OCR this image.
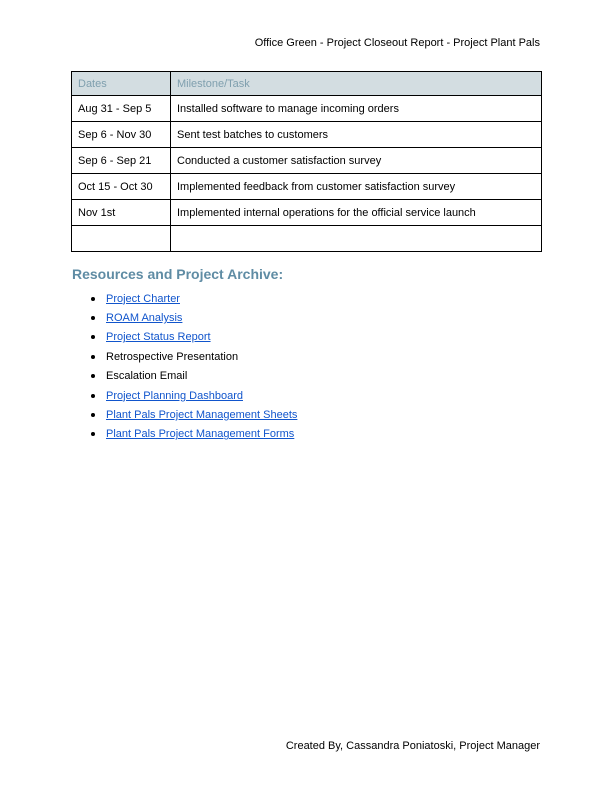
Office Green - Project Closeout Report - Project Plant Pals
Dates	Milestone/Task
Aug 31 - Sep 5	Installed software to manage incoming orders
Sep 6 - Nov 30	Sent test batches to customers
Sep 6 - Sep 21	Conducted a customer satisfaction survey
Oct 15 - Oct 30	Implemented feedback from customer satisfaction survey
Nov 1st	Implemented internal operations for the official service launch

Resources and Project Archive:
Project Charter
ROAM Analysis
Project Status Report
Retrospective Presentation
Escalation Email
Project Planning Dashboard
Plant Pals Project Management Sheets
Plant Pals Project Management Forms
Created By, Cassandra Poniatoski, Project Manager
